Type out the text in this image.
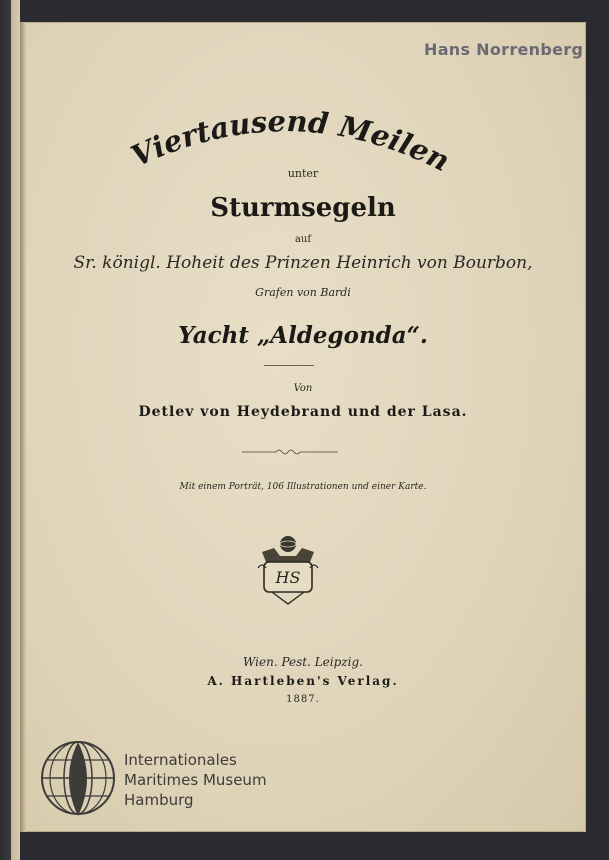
Hans Norrenberg
Viertausend Meilen
unter
Sturmsegeln
auf
Sr. königl. Hoheit des Prinzen Heinrich von Bourbon,
Grafen von Bardi
Yacht „Aldegonda“.
Von
Detlev von Heydebrand und der Lasa.
Mit einem Porträt, 106 Illustrationen und einer Karte.
HS
Wien. Pest. Leipzig.
A. Hartleben's Verlag.
1887.
Internationales
Maritimes Museum
Hamburg
